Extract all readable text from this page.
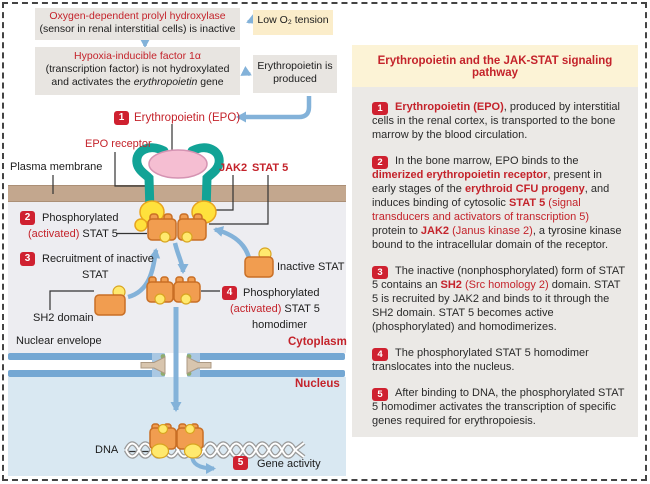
Oxygen-dependent prolyl hydroxylase
(sensor in renal interstitial cells) is inactive
Low O₂ tension
Hypoxia-inducible factor 1α
(transcription factor) is not hydroxylated
and activates the erythropoietin gene
Erythropoietin is produced
1 Erythropoietin (EPO)
EPO receptor
Plasma membrane	JAK2 STAT 5
2	Phosphorylated
(activated) STAT 5
3	Recruitment of inactive
STAT
Inactive STAT
4 Phosphorylated
(activated) STAT 5
homodimer
SH2 domain
Nuclear envelope	Cytoplasm
Nucleus
DNA
5	Gene activity
Erythropoietin and the JAK-STAT signaling pathway

1 Erythropoietin (EPO), produced by interstitial cells in the renal cortex, is transported to the bone marrow by the blood circulation.

2 In the bone marrow, EPO binds to the dimerized erythropoietin receptor, present in early stages of the erythroid CFU progeny, and induces binding of cytosolic STAT 5 (signal transducers and activators of transcription 5) protein to JAK2 (Janus kinase 2), a tyrosine kinase bound to the intracellular domain of the receptor.

3 The inactive (nonphosphorylated) form of STAT 5 contains an SH2 (Src homology 2) domain. STAT 5 is recruited by JAK2 and binds to it through the SH2 domain. STAT 5 becomes active (phosphorylated) and homodimerizes.

4 The phosphorylated STAT 5 homodimer translocates into the nucleus.

5 After binding to DNA, the phosphorylated STAT 5 homodimer activates the transcription of specific genes required for erythropoiesis.
